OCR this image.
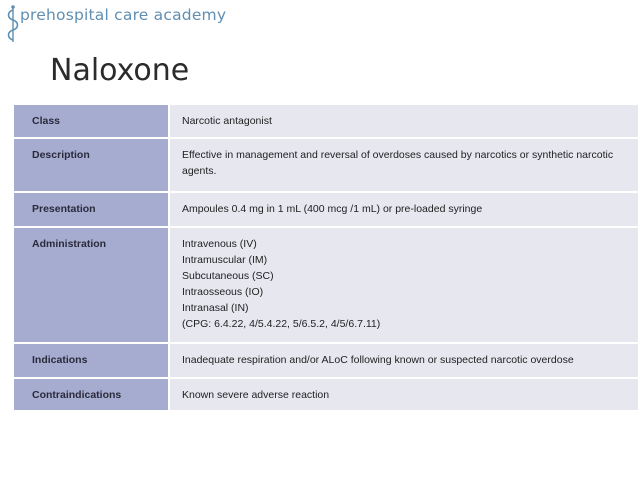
prehospital care academy
Naloxone
Class	Narcotic antagonist
Description	Effective in management and reversal of overdoses caused by narcotics or synthetic narcotic
agents.
Presentation	Ampoules 0.4 mg in 1 mL (400 mcg /1 mL) or pre-loaded syringe
Administration	Intravenous (IV)
Intramuscular (IM)
Subcutaneous (SC)
Intraosseous (IO)
Intranasal (IN)
(CPG: 6.4.22, 4/5.4.22, 5/6.5.2, 4/5/6.7.11)
Indications	Inadequate respiration and/or ALoC following known or suspected narcotic overdose
Contraindications	Known severe adverse reaction
